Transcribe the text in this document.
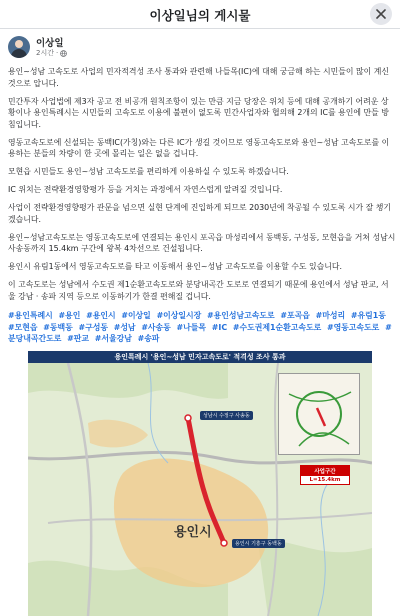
이상일님의 게시물
이상일
2시간 ·

용인~성남 고속도로 사업의 민자적격성 조사 통과와 관련해 나들목(IC)에 대해 궁금해 하는 시민들이 많이 계신 것으로 압니다.

민간투자 사업법에 제3자 공고 전 비공개 원칙조항이 있는 만큼 지금 당장은 위치 등에 대해 공개하기 어려운 상황이나 용인특례시는 시민들의 고속도로 이용에 불편이 없도록 민간사업자와 협의해 2개의 IC를 용인에 만들 방침입니다.

영동고속도로에 신설되는 동백IC(가칭)와는 다른 IC가 생길 것이므로 영동고속도로와 용인~성남 고속도로를 이용하는 분들의 차량이 한 곳에 몰리는 일은 없을 겁니다.

모현읍 시민들도 용인~성남 고속도로를 편리하게 이용하실 수 있도록 하겠습니다.

IC 위치는 전략환경영향평가 등을 거치는 과정에서 자연스럽게 알려질 것입니다.

사업이 전략환경영향평가 관문을 넘으면 실현 단계에 진입하게 되므로 2030년에 착공될 수 있도록 시가 잘 챙기겠습니다.

용인~성남고속도로는 영동고속도로에 연결되는 용인시 포곡읍 마성리에서 동백동, 구성동, 모현읍을 거쳐 성남시 사송동까지 15.4km 구간에 왕복 4차선으로 건설됩니다.

용인시 유림1동에서 영동고속도로를 타고 이동해서 용인~성남 고속도로를 이용할 수도 있습니다.

이 고속도로는 성남에서 수도권 제1순환고속도로와 분당내곡간 도로로 연결되기 때문에 용인에서 성남 판교, 서울 강남 · 송파 지역 등으로 이동하기가 한결 편해질 겁니다.

#용인특례시 #용인 #용인시 #이상일 #이상일시장 #용인성남고속도로 #포곡읍 #마성리 #유림1동 #모현읍 #동백동 #구성동 #성남 #사송동 #나들목 #IC #수도권제1순환고속도로 #영동고속도로 #분당내곡간도로 #판교 #서울강남 #송파
용인특례시 '용인~성남 민자고속도로' 적격성 조사 통과
용인시
사업구간
L=15.4km
성남시 수정구 사송동
용인시 기흥구 동백동
